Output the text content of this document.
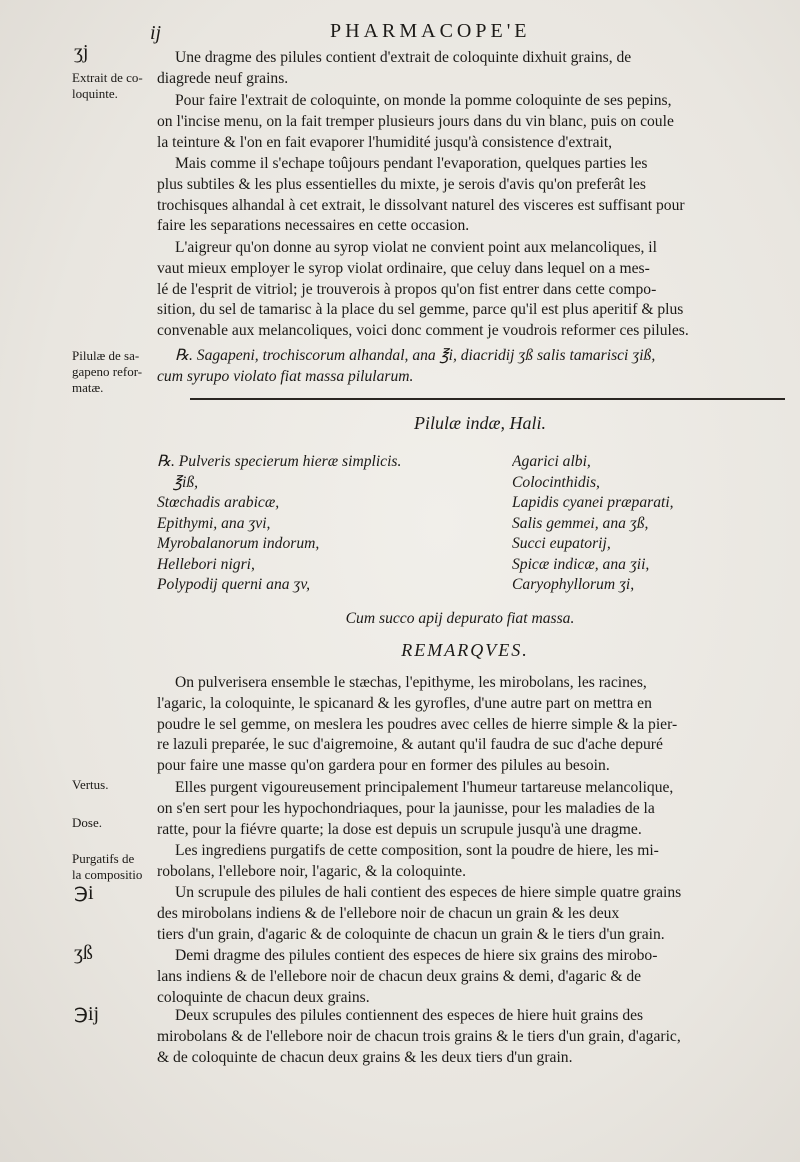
ij	PHARMACOPE'E
ʒj
Extrait de co-
loquinte.
Pilulæ de sa-
gapeno refor-
matæ.
Vertus.
Dose.
Purgatifs de
la compositio
℈i
ʒß
℈ij
Une dragme des pilules contient d'extrait de coloquinte dixhuit grains, de
diagrede neuf grains.
Pour faire l'extrait de coloquinte, on monde la pomme coloquinte de ses pepins,
on l'incise menu, on la fait tremper plusieurs jours dans du vin blanc, puis on coule
la teinture & l'on en fait evaporer l'humidité jusqu'à consistence d'extrait,
Mais comme il s'echape toûjours pendant l'evaporation, quelques parties les
plus subtiles & les plus essentielles du mixte, je serois d'avis qu'on preferât les
trochisques alhandal à cet extrait, le dissolvant naturel des visceres est suffisant pour
faire les separations necessaires en cette occasion.
L'aigreur qu'on donne au syrop violat ne convient point aux melancoliques, il
vaut mieux employer le syrop violat ordinaire, que celuy dans lequel on a mes-
lé de l'esprit de vitriol; je trouverois à propos qu'on fist entrer dans cette compo-
sition, du sel de tamarisc à la place du sel gemme, parce qu'il est plus aperitif & plus
convenable aux melancoliques, voici donc comment je voudrois reformer ces pilules.
℞. Sagapeni, trochiscorum alhandal, ana ℥i, diacridij ʒß salis tamarisci ʒiß,
cum syrupo violato fiat massa pilularum.
Pilulæ indæ, Hali.
℞. Pulveris specierum hieræ simplicis.
℥iß,
Stœchadis arabicæ,
Epithymi, ana ʒvi,
Myrobalanorum indorum,
Hellebori nigri,
Polypodij querni ana ʒv,
Agarici albi,
Colocinthidis,
Lapidis cyanei præparati,
Salis gemmei, ana ʒß,
Succi eupatorij,
Spicæ indicæ, ana ʒii,
Caryophyllorum ʒi,
Cum succo apij depurato fiat massa.
REMARQVES.
On pulverisera ensemble le stæchas, l'epithyme, les mirobolans, les racines,
l'agaric, la coloquinte, le spicanard & les gyrofles, d'une autre part on mettra en
poudre le sel gemme, on meslera les poudres avec celles de hierre simple & la pier-
re lazuli preparée, le suc d'aigremoine, & autant qu'il faudra de suc d'ache depuré
pour faire une masse qu'on gardera pour en former des pilules au besoin.
Elles purgent vigoureusement principalement l'humeur tartareuse melancolique,
on s'en sert pour les hypochondriaques, pour la jaunisse, pour les maladies de la
ratte, pour la fiévre quarte; la dose est depuis un scrupule jusqu'à une dragme.
Les ingrediens purgatifs de cette composition, sont la poudre de hiere, les mi-
robolans, l'ellebore noir, l'agaric, & la coloquinte.
Un scrupule des pilules de hali contient des especes de hiere simple quatre grains
des mirobolans indiens & de l'ellebore noir de chacun un grain & les deux
tiers d'un grain, d'agaric & de coloquinte de chacun un grain & le tiers d'un grain.
Demi dragme des pilules contient des especes de hiere six grains des mirobo-
lans indiens & de l'ellebore noir de chacun deux grains & demi, d'agaric & de
coloquinte de chacun deux grains.
Deux scrupules des pilules contiennent des especes de hiere huit grains des
mirobolans & de l'ellebore noir de chacun trois grains & le tiers d'un grain, d'agaric,
& de coloquinte de chacun deux grains & les deux tiers d'un grain.
